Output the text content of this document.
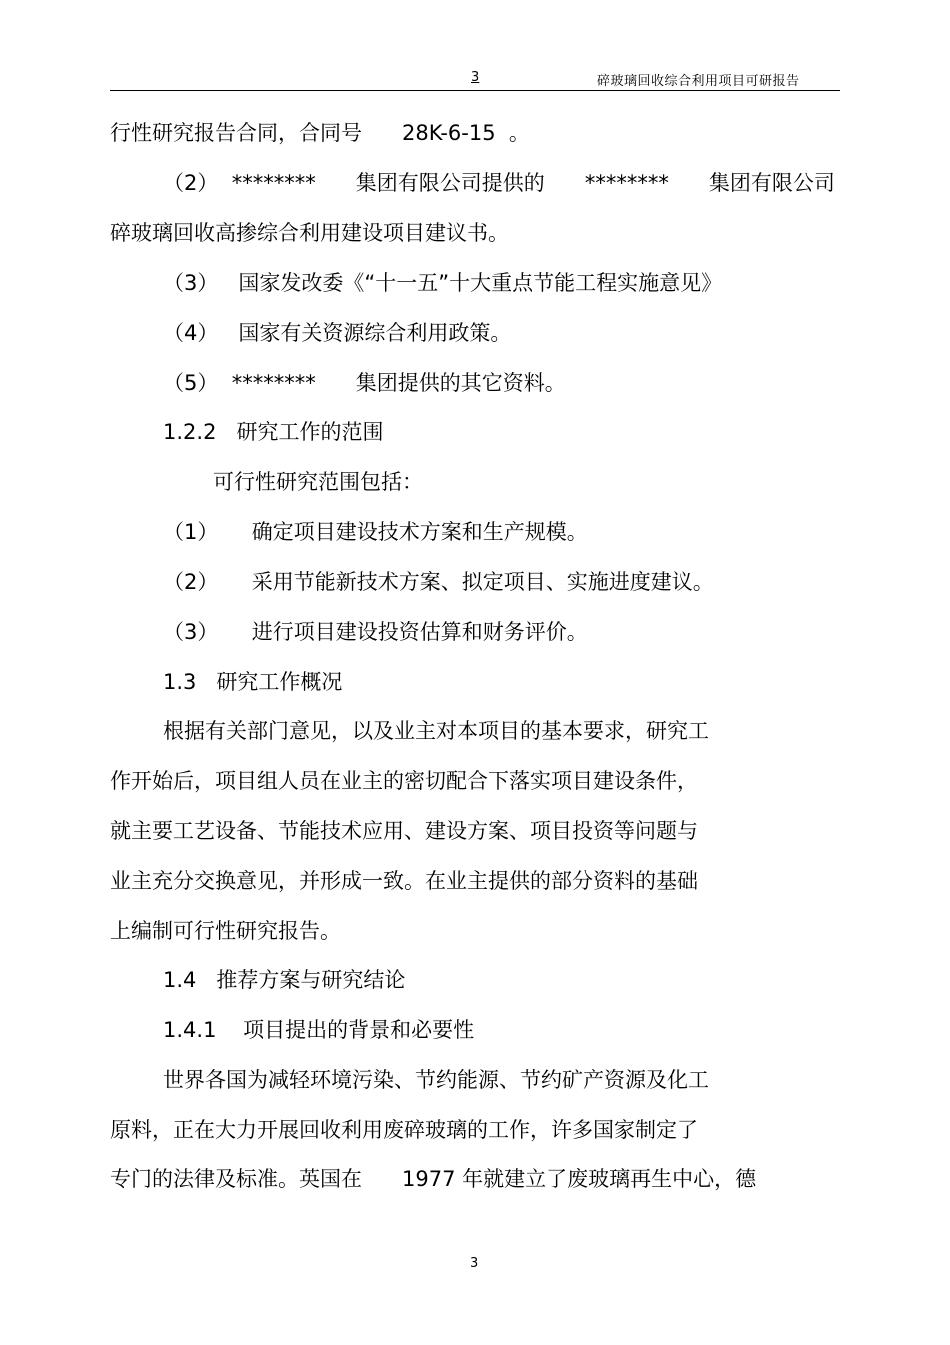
3	碎玻璃回收综合利用项目可研报告
行性研究报告合同，合同号      28K-6-15  。
（2）  ********      集团有限公司提供的      ********      集团有限公司
碎玻璃回收高掺综合利用建设项目建议书。
（3）   国家发改委《“十一五”十大重点节能工程实施意见》
（4）   国家有关资源综合利用政策。
（5）  ********      集团提供的其它资料。
1.2.2   研究工作的范围
可行性研究范围包括：
（1）     确定项目建设技术方案和生产规模。
（2）     采用节能新技术方案、拟定项目、实施进度建议。
（3）     进行项目建设投资估算和财务评价。
1.3   研究工作概况
根据有关部门意见，以及业主对本项目的基本要求，研究工
作开始后，项目组人员在业主的密切配合下落实项目建设条件，
就主要工艺设备、节能技术应用、建设方案、项目投资等问题与
业主充分交换意见，并形成一致。在业主提供的部分资料的基础
上编制可行性研究报告。
1.4   推荐方案与研究结论
1.4.1    项目提出的背景和必要性
世界各国为减轻环境污染、节约能源、节约矿产资源及化工
原料，正在大力开展回收利用废碎玻璃的工作，许多国家制定了
专门的法律及标准。英国在      1977 年就建立了废玻璃再生中心，德
3
